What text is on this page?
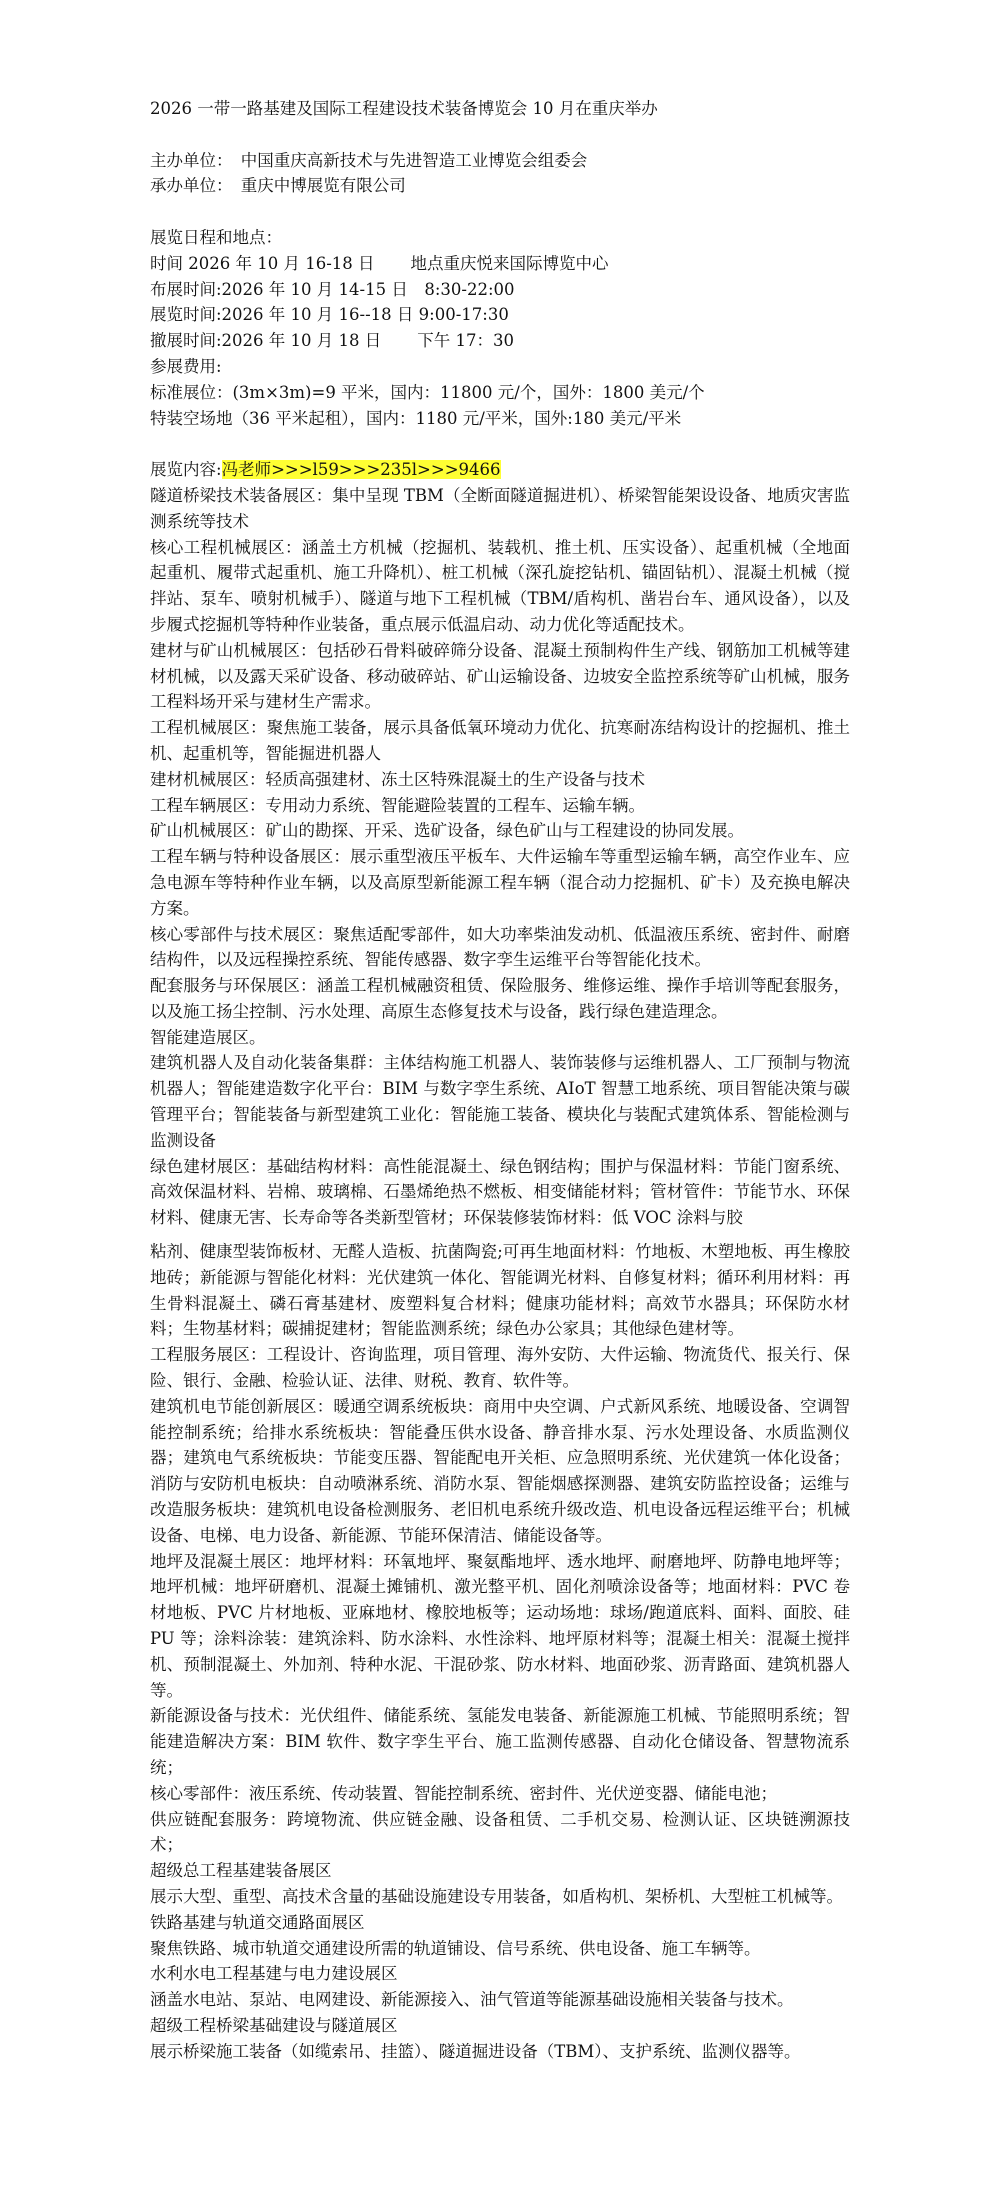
2026 一带一路基建及国际工程建设技术装备博览会 10 月在重庆举办
主办单位：　中国重庆高新技术与先进智造工业博览会组委会
承办单位：　重庆中博展览有限公司
展览日程和地点：
时间 2026 年 10 月 16-18 日 地点重庆悦来国际博览中心
布展时间:2026 年 10 月 14-15 日　8:30-22:00
展览时间:2026 年 10 月 16--18 日 9:00-17:30
撤展时间:2026 年 10 月 18 日 下午 17：30
参展费用:
标准展位：(3m×3m)=9 平米，国内：11800 元/个，国外：1800 美元/个
特装空场地（36 平米起租），国内：1180 元/平米，国外:180 美元/平米
展览内容:冯老师>>>l59>>>235l>>>9466
隧道桥梁技术装备展区：集中呈现 TBM（全断面隧道掘进机）、桥梁智能架设设备、地质灾害监测系统等技术
核心工程机械展区：涵盖土方机械（挖掘机、装载机、推土机、压实设备）、起重机械（全地面起重机、履带式起重机、施工升降机）、桩工机械（深孔旋挖钻机、锚固钻机）、混凝土机械（搅拌站、泵车、喷射机械手）、隧道与地下工程机械（TBM/盾构机、凿岩台车、通风设备），以及步履式挖掘机等特种作业装备，重点展示低温启动、动力优化等适配技术。
建材与矿山机械展区：包括砂石骨料破碎筛分设备、混凝土预制构件生产线、钢筋加工机械等建材机械，以及露天采矿设备、移动破碎站、矿山运输设备、边坡安全监控系统等矿山机械，服务工程料场开采与建材生产需求。
工程机械展区：聚焦施工装备，展示具备低氧环境动力优化、抗寒耐冻结构设计的挖掘机、推土机、起重机等，智能掘进机器人
建材机械展区：轻质高强建材、冻土区特殊混凝土的生产设备与技术
工程车辆展区：专用动力系统、智能避险装置的工程车、运输车辆。
矿山机械展区：矿山的勘探、开采、选矿设备，绿色矿山与工程建设的协同发展。
工程车辆与特种设备展区：展示重型液压平板车、大件运输车等重型运输车辆，高空作业车、应急电源车等特种作业车辆，以及高原型新能源工程车辆（混合动力挖掘机、矿卡）及充换电解决方案。
核心零部件与技术展区：聚焦适配零部件，如大功率柴油发动机、低温液压系统、密封件、耐磨结构件，以及远程操控系统、智能传感器、数字孪生运维平台等智能化技术。
配套服务与环保展区：涵盖工程机械融资租赁、保险服务、维修运维、操作手培训等配套服务，以及施工扬尘控制、污水处理、高原生态修复技术与设备，践行绿色建造理念。
智能建造展区。
建筑机器人及自动化装备集群：主体结构施工机器人、装饰装修与运维机器人、工厂预制与物流机器人；智能建造数字化平台：BIM 与数字孪生系统、AIoT 智慧工地系统、项目智能决策与碳管理平台；智能装备与新型建筑工业化：智能施工装备、模块化与装配式建筑体系、智能检测与监测设备
绿色建材展区：基础结构材料：高性能混凝土、绿色钢结构；围护与保温材料：节能门窗系统、高效保温材料、岩棉、玻璃棉、石墨烯绝热不燃板、相变储能材料；管材管件：节能节水、环保材料、健康无害、长寿命等各类新型管材；环保装修装饰材料：低 VOC 涂料与胶
粘剂、健康型装饰板材、无醛人造板、抗菌陶瓷;可再生地面材料：竹地板、木塑地板、再生橡胶地砖；新能源与智能化材料：光伏建筑一体化、智能调光材料、自修复材料；循环利用材料：再生骨料混凝土、磷石膏基建材、废塑料复合材料；健康功能材料；高效节水器具；环保防水材料；生物基材料；碳捕捉建材；智能监测系统；绿色办公家具；其他绿色建材等。
工程服务展区：工程设计、咨询监理，项目管理、海外安防、大件运输、物流货代、报关行、保险、银行、金融、检验认证、法律、财税、教育、软件等。
建筑机电节能创新展区：暖通空调系统板块：商用中央空调、户式新风系统、地暖设备、空调智能控制系统；给排水系统板块：智能叠压供水设备、静音排水泵、污水处理设备、水质监测仪器；建筑电气系统板块：节能变压器、智能配电开关柜、应急照明系统、光伏建筑一体化设备；消防与安防机电板块：自动喷淋系统、消防水泵、智能烟感探测器、建筑安防监控设备；运维与改造服务板块：建筑机电设备检测服务、老旧机电系统升级改造、机电设备远程运维平台；机械设备、电梯、电力设备、新能源、节能环保清洁、储能设备等。
地坪及混凝土展区：地坪材料：环氧地坪、聚氨酯地坪、透水地坪、耐磨地坪、防静电地坪等；地坪机械：地坪研磨机、混凝土摊铺机、激光整平机、固化剂喷涂设备等；地面材料：PVC 卷材地板、PVC 片材地板、亚麻地材、橡胶地板等；运动场地：球场/跑道底料、面料、面胶、硅 PU 等；涂料涂装：建筑涂料、防水涂料、水性涂料、地坪原材料等；混凝土相关：混凝土搅拌机、预制混凝土、外加剂、特种水泥、干混砂浆、防水材料、地面砂浆、沥青路面、建筑机器人等。
新能源设备与技术：光伏组件、储能系统、氢能发电装备、新能源施工机械、节能照明系统；智能建造解决方案：BIM 软件、数字孪生平台、施工监测传感器、自动化仓储设备、智慧物流系统；
核心零部件：液压系统、传动装置、智能控制系统、密封件、光伏逆变器、储能电池；
供应链配套服务：跨境物流、供应链金融、设备租赁、二手机交易、检测认证、区块链溯源技术；
超级总工程基建装备展区
展示大型、重型、高技术含量的基础设施建设专用装备，如盾构机、架桥机、大型桩工机械等。
铁路基建与轨道交通路面展区
聚焦铁路、城市轨道交通建设所需的轨道铺设、信号系统、供电设备、施工车辆等。
水利水电工程基建与电力建设展区
涵盖水电站、泵站、电网建设、新能源接入、油气管道等能源基础设施相关装备与技术。
超级工程桥梁基础建设与隧道展区
展示桥梁施工装备（如缆索吊、挂篮）、隧道掘进设备（TBM）、支护系统、监测仪器等。
